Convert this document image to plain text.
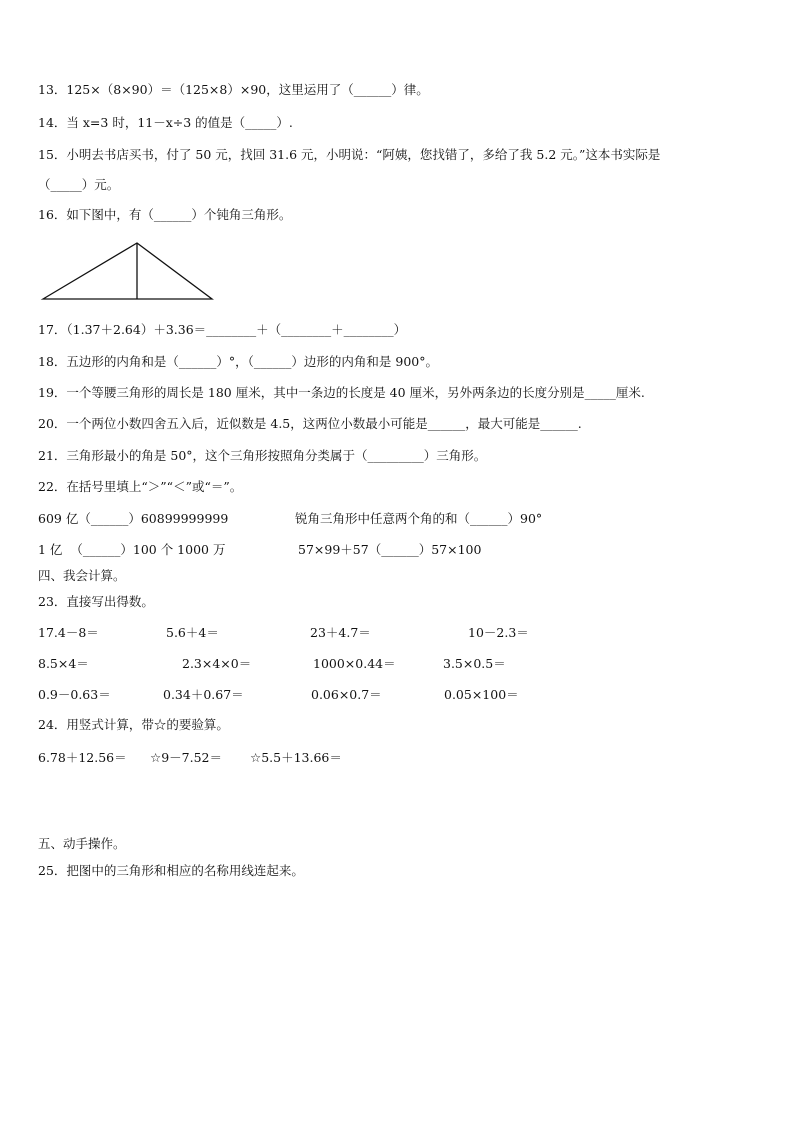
13．125×（8×90）＝（125×8）×90，这里运用了（______）律。
14．当 x=3 时，11－x÷3 的值是（_____）.
15．小明去书店买书，付了 50 元，找回 31.6 元，小明说：“阿姨，您找错了，多给了我 5.2 元。”这本书实际是
（_____）元。
16．如下图中，有（______）个钝角三角形。
17．（1.37＋2.64）＋3.36＝________＋（________＋________）
18．五边形的内角和是（______）°，（______）边形的内角和是 900°。
19．一个等腰三角形的周长是 180 厘米，其中一条边的长度是 40 厘米，另外两条边的长度分别是_____厘米.
20．一个两位小数四舍五入后，近似数是 4.5，这两位小数最小可能是______，最大可能是______.
21．三角形最小的角是 50°，这个三角形按照角分类属于（_________）三角形。
22．在括号里填上“＞”“＜”或“＝”。
609 亿（______）60899999999	锐角三角形中任意两个角的和（______）90°
1 亿  （______）100 个 1000 万	57×99＋57（______）57×100
四、我会计算。
23．直接写出得数。
17.4－8＝	5.6＋4＝	23＋4.7＝	10－2.3＝
8.5×4＝	2.3×4×0＝	1000×0.44＝	3.5×0.5＝
0.9－0.63＝	0.34＋0.67＝	0.06×0.7＝	0.05×100＝
24．用竖式计算，带☆的要验算。
6.78＋12.56＝ ☆9－7.52＝ ☆5.5＋13.66＝
五、动手操作。
25．把图中的三角形和相应的名称用线连起来。
